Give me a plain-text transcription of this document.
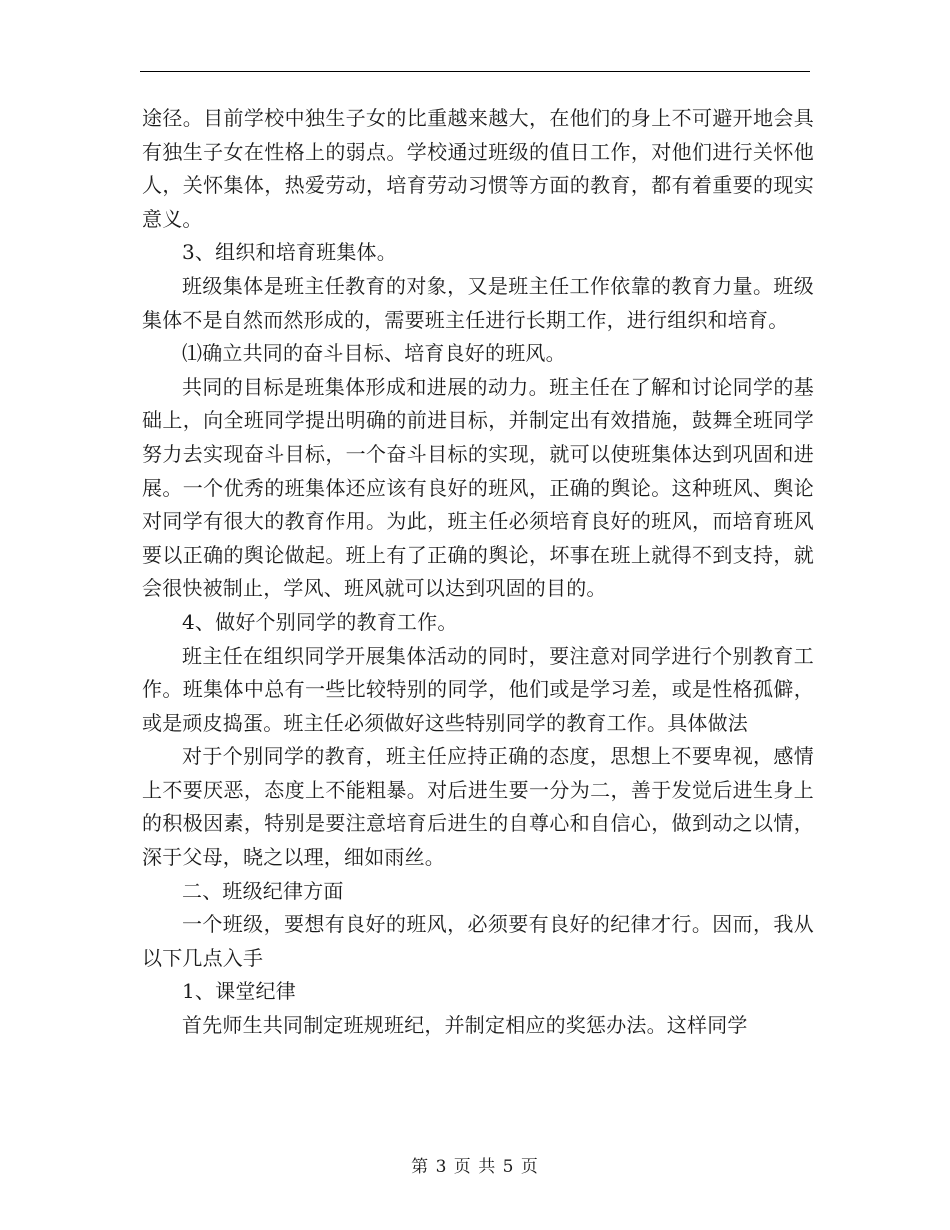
途径。目前学校中独生子女的比重越来越大，在他们的身上不可避开地会具有独生子女在性格上的弱点。学校通过班级的值日工作，对他们进行关怀他人，关怀集体，热爱劳动，培育劳动习惯等方面的教育，都有着重要的现实意义。

3、组织和培育班集体。

班级集体是班主任教育的对象，又是班主任工作依靠的教育力量。班级集体不是自然而然形成的，需要班主任进行长期工作，进行组织和培育。

⑴确立共同的奋斗目标、培育良好的班风。

共同的目标是班集体形成和进展的动力。班主任在了解和讨论同学的基础上，向全班同学提出明确的前进目标，并制定出有效措施，鼓舞全班同学努力去实现奋斗目标，一个奋斗目标的实现，就可以使班集体达到巩固和进展。一个优秀的班集体还应该有良好的班风，正确的舆论。这种班风、舆论对同学有很大的教育作用。为此，班主任必须培育良好的班风，而培育班风要以正确的舆论做起。班上有了正确的舆论，坏事在班上就得不到支持，就会很快被制止，学风、班风就可以达到巩固的目的。

4、做好个别同学的教育工作。

班主任在组织同学开展集体活动的同时，要注意对同学进行个别教育工作。班集体中总有一些比较特别的同学，他们或是学习差，或是性格孤僻，或是顽皮捣蛋。班主任必须做好这些特别同学的教育工作。具体做法

对于个别同学的教育，班主任应持正确的态度，思想上不要卑视，感情上不要厌恶，态度上不能粗暴。对后进生要一分为二，善于发觉后进生身上的积极因素，特别是要注意培育后进生的自尊心和自信心，做到动之以情，深于父母，晓之以理，细如雨丝。

二、班级纪律方面

一个班级，要想有良好的班风，必须要有良好的纪律才行。因而，我从以下几点入手

1、课堂纪律

首先师生共同制定班规班纪，并制定相应的奖惩办法。这样同学

第 3 页 共 5 页
